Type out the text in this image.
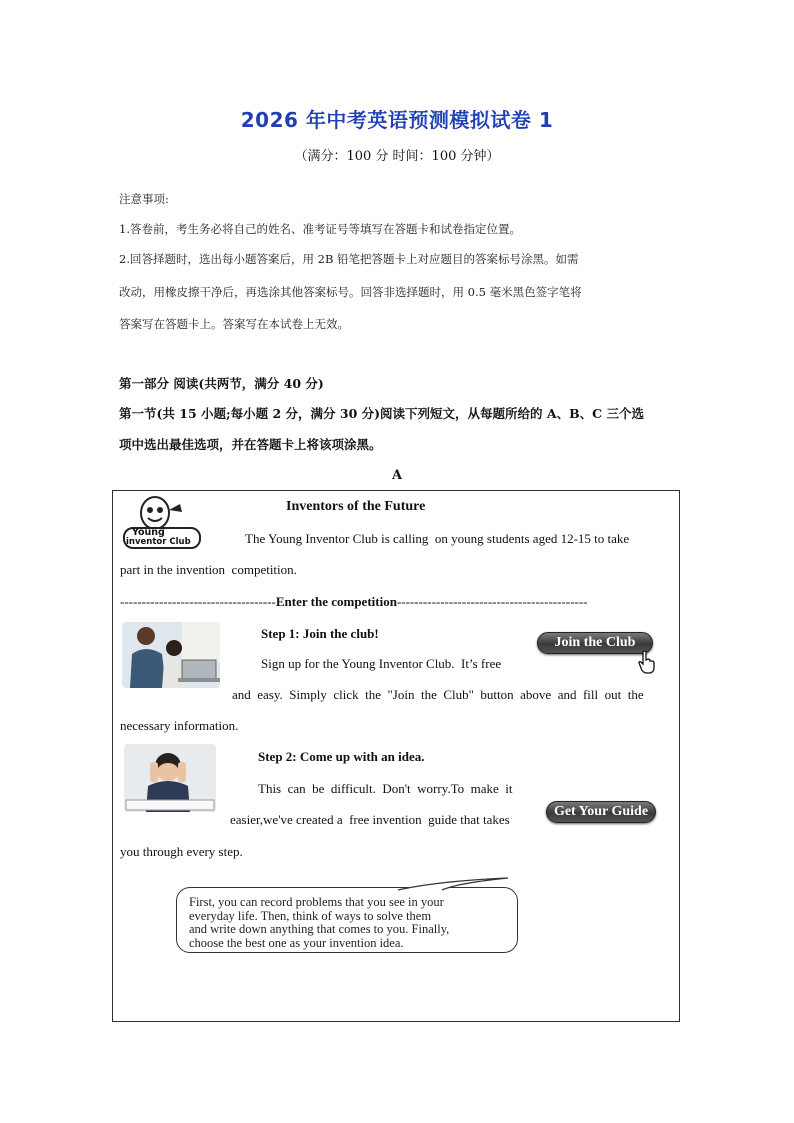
2026 年中考英语预测模拟试卷 1
（满分：100 分 时间：100 分钟）
注意事项:
1.答卷前，考生务必将自己的姓名、准考证号等填写在答题卡和试卷指定位置。
2.回答择题时，选出每小题答案后，用 2B 铅笔把答题卡上对应题目的答案标号涂黑。如需
改动，用橡皮擦干净后，再选涂其他答案标号。回答非选择题时，用 0.5 毫米黑色签字笔将
答案写在答题卡上。答案写在本试卷上无效。
第一部分 阅读(共两节，满分 40 分)
第一节(共 15 小题;每小题 2 分，满分 30 分)阅读下列短文，从每题所给的 A、B、C 三个选
项中选出最佳选项，并在答题卡上将该项涂黑。
A
Young
inventor Club
Inventors of the Future
The Young Inventor Club is calling  on young students aged 12-15 to take
part in the invention  competition.
------------------------------------Enter the competition--------------------------------------------
Step 1: Join the club!
Sign up for the Young Inventor Club.  It’s free
and  easy.  Simply  click  the  "Join  the  Club"  button  above  and  fill  out  the
necessary information.
Join the Club
Step 2: Come up with an idea.
This  can  be  difficult.  Don't  worry.To  make  it
easier,we've created a  free invention  guide that takes
you through every step.
Get Your Guide
First, you can record problems that you see in your
everyday life. Then, think of ways to solve them
and write down anything that comes to you. Finally,
choose the best one as your invention idea.
